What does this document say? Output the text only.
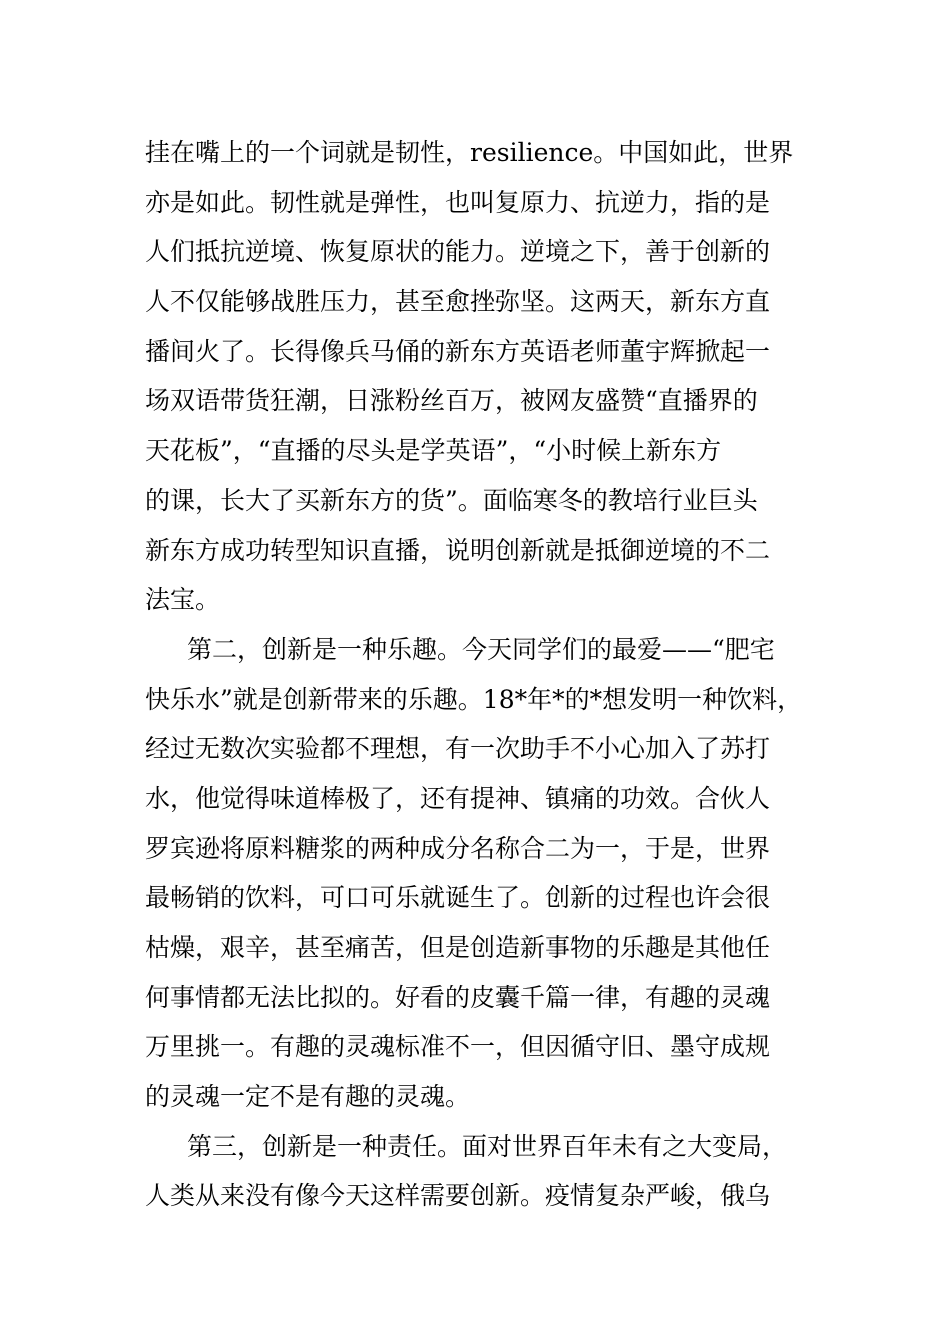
挂在嘴上的一个词就是韧性，resilience。中国如此，世界
亦是如此。韧性就是弹性，也叫复原力、抗逆力，指的是
人们抵抗逆境、恢复原状的能力。逆境之下，善于创新的
人不仅能够战胜压力，甚至愈挫弥坚。这两天，新东方直
播间火了。长得像兵马俑的新东方英语老师董宇辉掀起一
场双语带货狂潮，日涨粉丝百万，被网友盛赞“直播界的
天花板”，“直播的尽头是学英语”，“小时候上新东方
的课，长大了买新东方的货”。面临寒冬的教培行业巨头
新东方成功转型知识直播，说明创新就是抵御逆境的不二
法宝。
第二，创新是一种乐趣。今天同学们的最爱——“肥宅
快乐水”就是创新带来的乐趣。18*年*的*想发明一种饮料，
经过无数次实验都不理想，有一次助手不小心加入了苏打
水，他觉得味道棒极了，还有提神、镇痛的功效。合伙人
罗宾逊将原料糖浆的两种成分名称合二为一，于是，世界
最畅销的饮料，可口可乐就诞生了。创新的过程也许会很
枯燥，艰辛，甚至痛苦，但是创造新事物的乐趣是其他任
何事情都无法比拟的。好看的皮囊千篇一律，有趣的灵魂
万里挑一。有趣的灵魂标准不一，但因循守旧、墨守成规
的灵魂一定不是有趣的灵魂。
第三，创新是一种责任。面对世界百年未有之大变局，
人类从来没有像今天这样需要创新。疫情复杂严峻，俄乌
